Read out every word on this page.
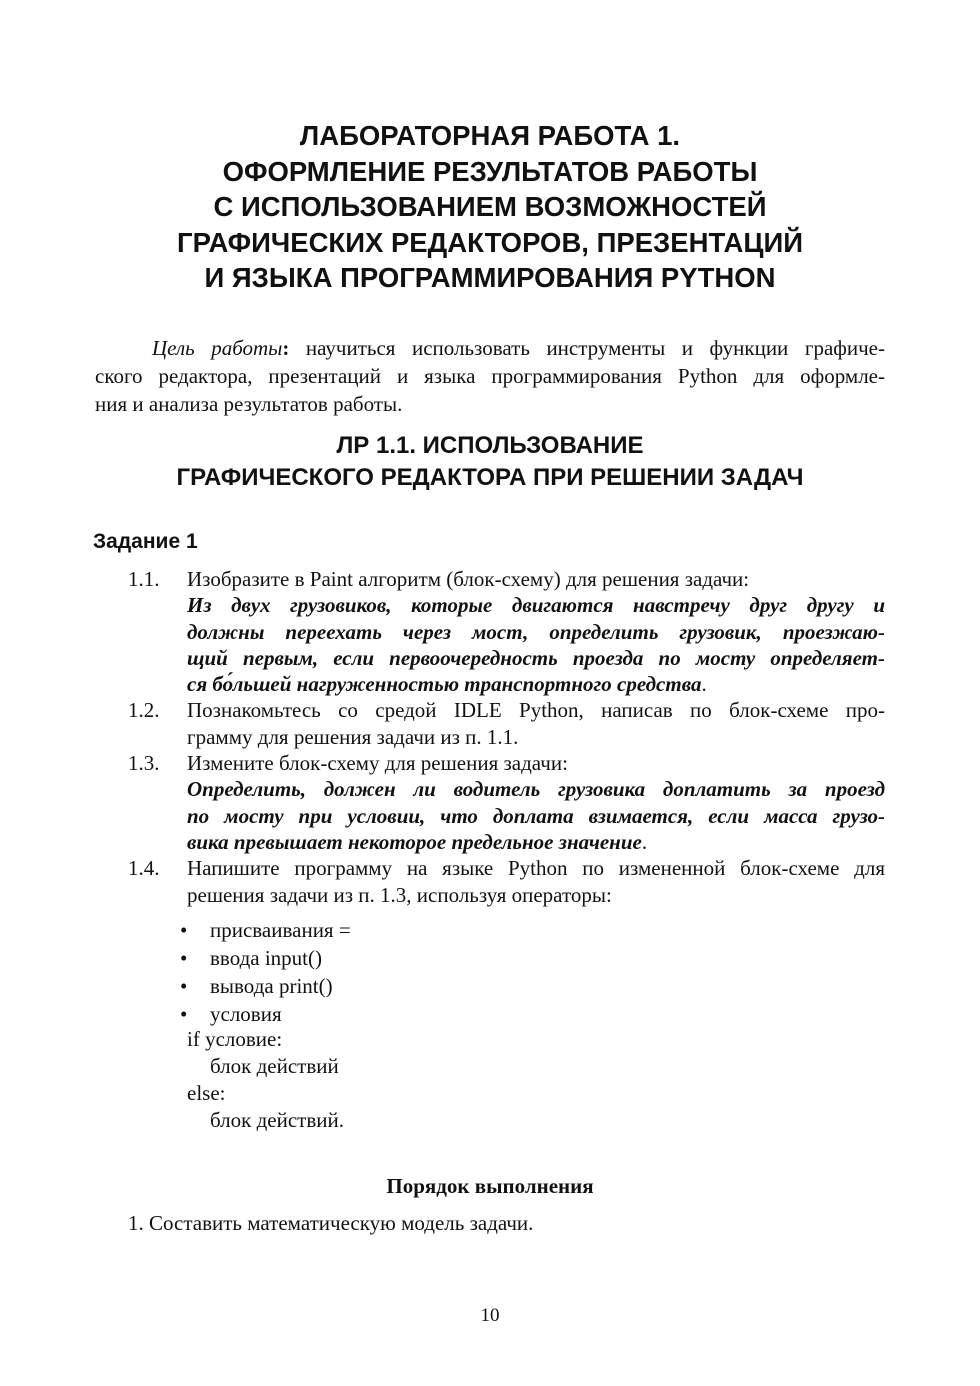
ЛАБОРАТОРНАЯ РАБОТА 1.
ОФОРМЛЕНИЕ РЕЗУЛЬТАТОВ РАБОТЫ
С ИСПОЛЬЗОВАНИЕМ ВОЗМОЖНОСТЕЙ
ГРАФИЧЕСКИХ РЕДАКТОРОВ, ПРЕЗЕНТАЦИЙ
И ЯЗЫКА ПРОГРАММИРОВАНИЯ PYTHON
Цель работы: научиться использовать инструменты и функции графиче-
ского редактора, презентаций и языка программирования Python для оформле-
ния и анализа результатов работы.
ЛР 1.1. ИСПОЛЬЗОВАНИЕ
ГРАФИЧЕСКОГО РЕДАКТОРА ПРИ РЕШЕНИИ ЗАДАЧ
Задание 1
1.1. Изобразите в Paint алгоритм (блок-схему) для решения задачи:
Из двух грузовиков, которые двигаются навстречу друг другу и
должны переехать через мост, определить грузовик, проезжаю-
щий первым, если первоочередность проезда по мосту определяет-
ся бо́льшей нагруженностью транспортного средства.
1.2. Познакомьтесь со средой IDLE Python, написав по блок-схеме про-
грамму для решения задачи из п. 1.1.
1.3. Измените блок-схему для решения задачи:
Определить, должен ли водитель грузовика доплатить за проезд
по мосту при условии, что доплата взимается, если масса грузо-
вика превышает некоторое предельное значение.
1.4. Напишите программу на языке Python по измененной блок-схеме для
решения задачи из п. 1.3, используя операторы:
•	присваивания =
•	ввода input()
•	вывода print()
•	условия
if условие:
блок действий
else:
блок действий.
Порядок выполнения
1. Составить математическую модель задачи.
10
